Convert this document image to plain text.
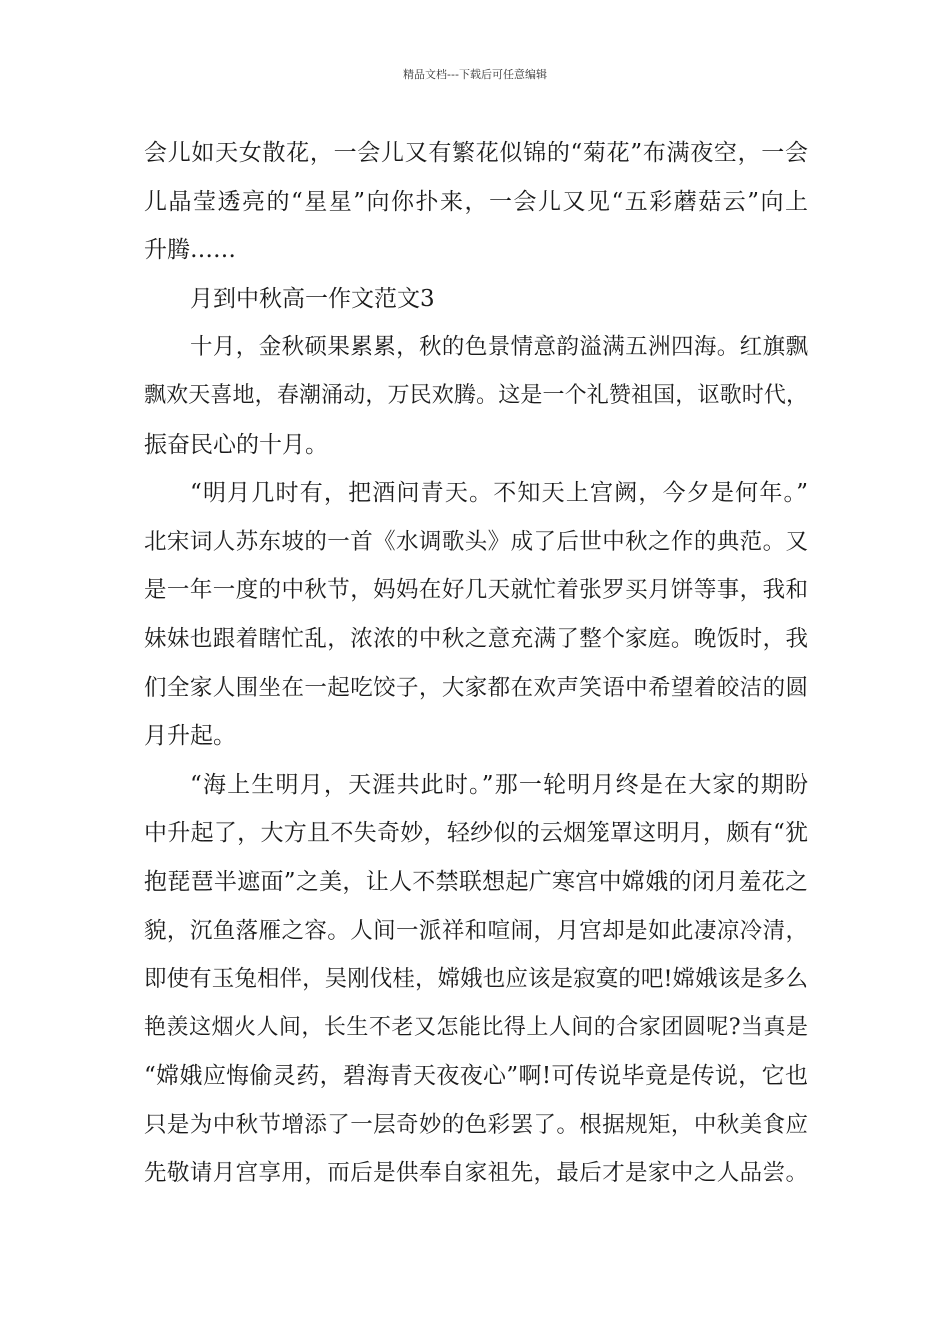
精品文档---下载后可任意编辑
会儿如天女散花，一会儿又有繁花似锦的“菊花”布满夜空，一会
儿晶莹透亮的“星星”向你扑来，一会儿又见“五彩蘑菇云”向上
升腾……
月到中秋高一作文范文3
十月，金秋硕果累累，秋的色景情意韵溢满五洲四海。红旗飘
飘欢天喜地，春潮涌动，万民欢腾。这是一个礼赞祖国，讴歌时代，
振奋民心的十月。
“明月几时有，把酒问青天。不知天上宫阙，今夕是何年。”
北宋词人苏东坡的一首《水调歌头》成了后世中秋之作的典范。又
是一年一度的中秋节，妈妈在好几天就忙着张罗买月饼等事，我和
妹妹也跟着瞎忙乱，浓浓的中秋之意充满了整个家庭。晚饭时，我
们全家人围坐在一起吃饺子，大家都在欢声笑语中希望着皎洁的圆
月升起。
“海上生明月，天涯共此时。”那一轮明月终是在大家的期盼
中升起了，大方且不失奇妙，轻纱似的云烟笼罩这明月，颇有“犹
抱琵琶半遮面”之美，让人不禁联想起广寒宫中嫦娥的闭月羞花之
貌，沉鱼落雁之容。人间一派祥和喧闹，月宫却是如此凄凉冷清，
即使有玉兔相伴，吴刚伐桂，嫦娥也应该是寂寞的吧!嫦娥该是多么
艳羡这烟火人间，长生不老又怎能比得上人间的合家团圆呢?当真是
“嫦娥应悔偷灵药，碧海青天夜夜心”啊!可传说毕竟是传说，它也
只是为中秋节增添了一层奇妙的色彩罢了。根据规矩，中秋美食应
先敬请月宫享用，而后是供奉自家祖先，最后才是家中之人品尝。
